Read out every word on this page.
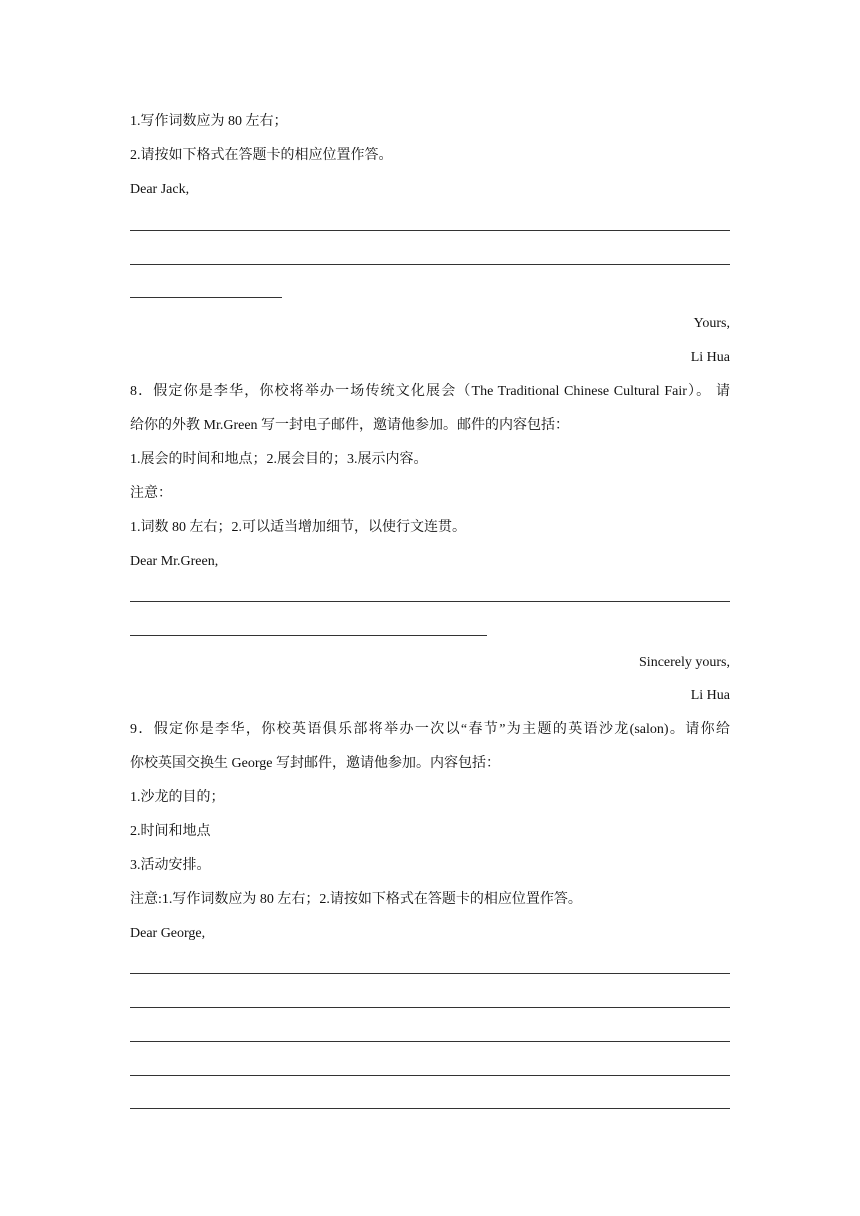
1.写作词数应为 80 左右；
2.请按如下格式在答题卡的相应位置作答。
Dear Jack,
Yours,
Li Hua
8．假定你是李华，你校将举办一场传统文化展会（The Traditional Chinese Cultural Fair）。 请
给你的外教 Mr.Green 写一封电子邮件，邀请他参加。邮件的内容包括：
1.展会的时间和地点；2.展会目的；3.展示内容。
注意：
1.词数 80 左右；2.可以适当增加细节，以使行文连贯。
Dear Mr.Green,
Sincerely yours,
Li Hua
9．假定你是李华，你校英语俱乐部将举办一次以“春节”为主题的英语沙龙(salon)。请你给
你校英国交换生 George 写封邮件，邀请他参加。内容包括：
1.沙龙的目的；
2.时间和地点
3.活动安排。
注意:1.写作词数应为 80 左右；2.请按如下格式在答题卡的相应位置作答。
Dear George,
